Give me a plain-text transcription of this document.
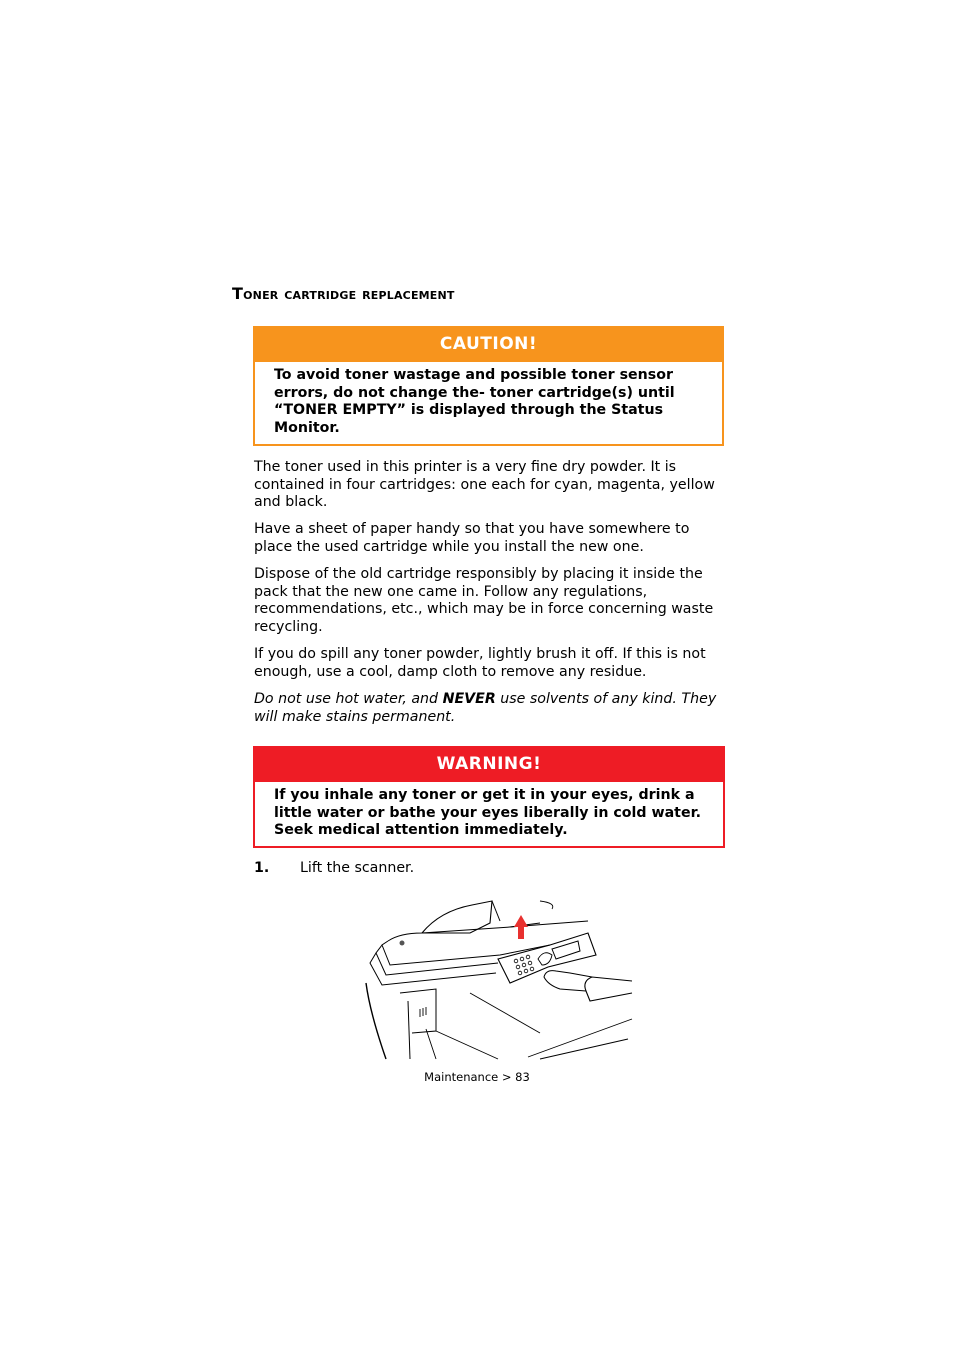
Toner cartridge replacement
CAUTION!
To avoid toner wastage and possible toner sensor errors, do not change the- toner cartridge(s) until “TONER EMPTY” is displayed through the Status Monitor.

The toner used in this printer is a very fine dry powder. It is contained in four cartridges: one each for cyan, magenta, yellow and black.

Have a sheet of paper handy so that you have somewhere to place the used cartridge while you install the new one.

Dispose of the old cartridge responsibly by placing it inside the pack that the new one came in. Follow any regulations, recommendations, etc., which may be in force concerning waste recycling.

If you do spill any toner powder, lightly brush it off. If this is not enough, use a cool, damp cloth to remove any residue.

Do not use hot water, and NEVER use solvents of any kind. They will make stains permanent.

WARNING!
If you inhale any toner or get it in your eyes, drink a little water or bathe your eyes liberally in cold water. Seek medical attention immediately.
1. Lift the scanner.
Maintenance > 83
